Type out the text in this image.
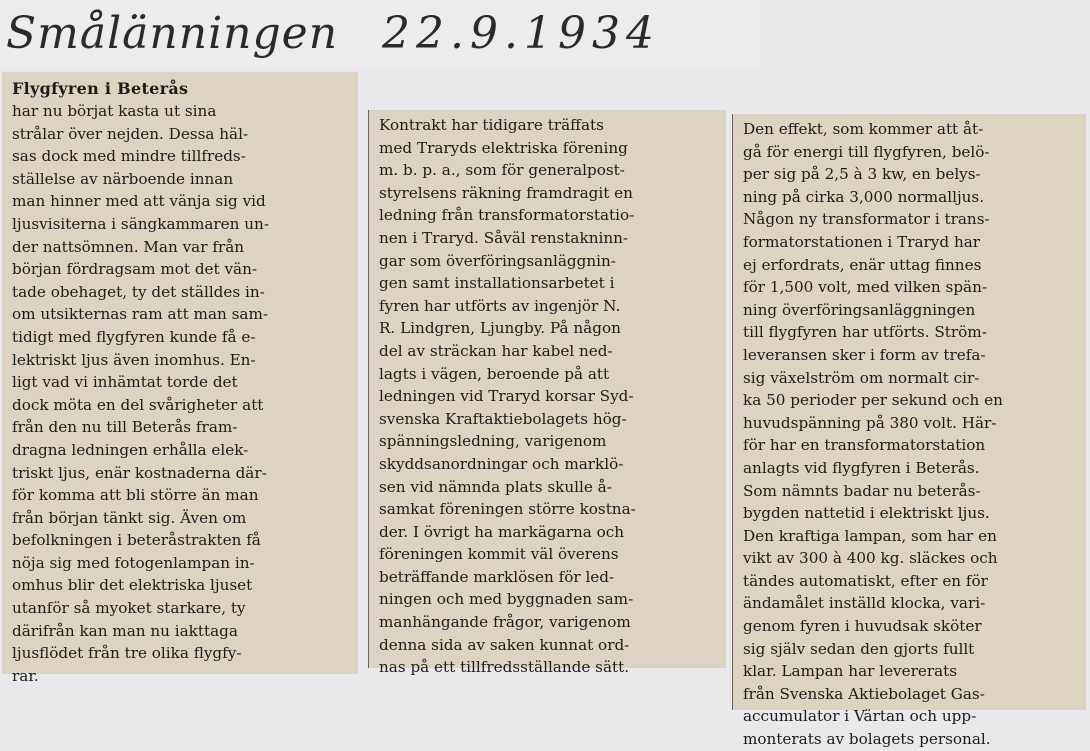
Smålänningen 22.9.1934
Flygfyren i Beterås
har nu börjat kasta ut sina
strålar över nejden. Dessa häl-
sas dock med mindre tillfreds-
ställelse av närboende innan
man hinner med att vänja sig vid
ljusvisiterna i sängkammaren un-
der nattsömnen. Man var från
början fördragsam mot det vän-
tade obehaget, ty det ställdes in-
om utsikternas ram att man sam-
tidigt med flygfyren kunde få e-
lektriskt ljus även inomhus. En-
ligt vad vi inhämtat torde det
dock möta en del svårigheter att
från den nu till Beterås fram-
dragna ledningen erhålla elek-
triskt ljus, enär kostnaderna där-
för komma att bli större än man
från början tänkt sig. Även om
befolkningen i beteråstrakten få
nöja sig med fotogenlampan in-
omhus blir det elektriska ljuset
utanför så myoket starkare, ty
därifrån kan man nu iakttaga
ljusflödet från tre olika flygfy-
rar.
Kontrakt har tidigare träffats
med Traryds elektriska förening
m. b. p. a., som för generalpost-
styrelsens räkning framdragit en
ledning från transformatorstatio-
nen i Traryd. Såväl renstakninn-
gar som överföringsanläggnin-
gen samt installationsarbetet i
fyren har utförts av ingenjör N.
R. Lindgren, Ljungby. På någon
del av sträckan har kabel ned-
lagts i vägen, beroende på att
ledningen vid Traryd korsar Syd-
svenska Kraftaktiebolagets hög-
spänningsledning, varigenom
skyddsanordningar och marklö-
sen vid nämnda plats skulle å-
samkat föreningen större kostna-
der. I övrigt ha markägarna och
föreningen kommit väl överens
beträffande marklösen för led-
ningen och med byggnaden sam-
manhängande frågor, varigenom
denna sida av saken kunnat ord-
nas på ett tillfredsställande sätt.
Den effekt, som kommer att åt-
gå för energi till flygfyren, belö-
per sig på 2,5 à 3 kw, en belys-
ning på cirka 3,000 normalljus.
Någon ny transformator i trans-
formatorstationen i Traryd har
ej erfordrats, enär uttag finnes
för 1,500 volt, med vilken spän-
ning överföringsanläggningen
till flygfyren har utförts. Ström-
leveransen sker i form av trefa-
sig växelström om normalt cir-
ka 50 perioder per sekund och en
huvudspänning på 380 volt. Här-
för har en transformatorstation
anlagts vid flygfyren i Beterås.
Som nämnts badar nu beterås-
bygden nattetid i elektriskt ljus.
Den kraftiga lampan, som har en
vikt av 300 à 400 kg. släckes och
tändes automatiskt, efter en för
ändamålet inställd klocka, vari-
genom fyren i huvudsak sköter
sig själv sedan den gjorts fullt
klar. Lampan har levererats
från Svenska Aktiebolaget Gas-
accumulator i Värtan och upp-
monterats av bolagets personal.
